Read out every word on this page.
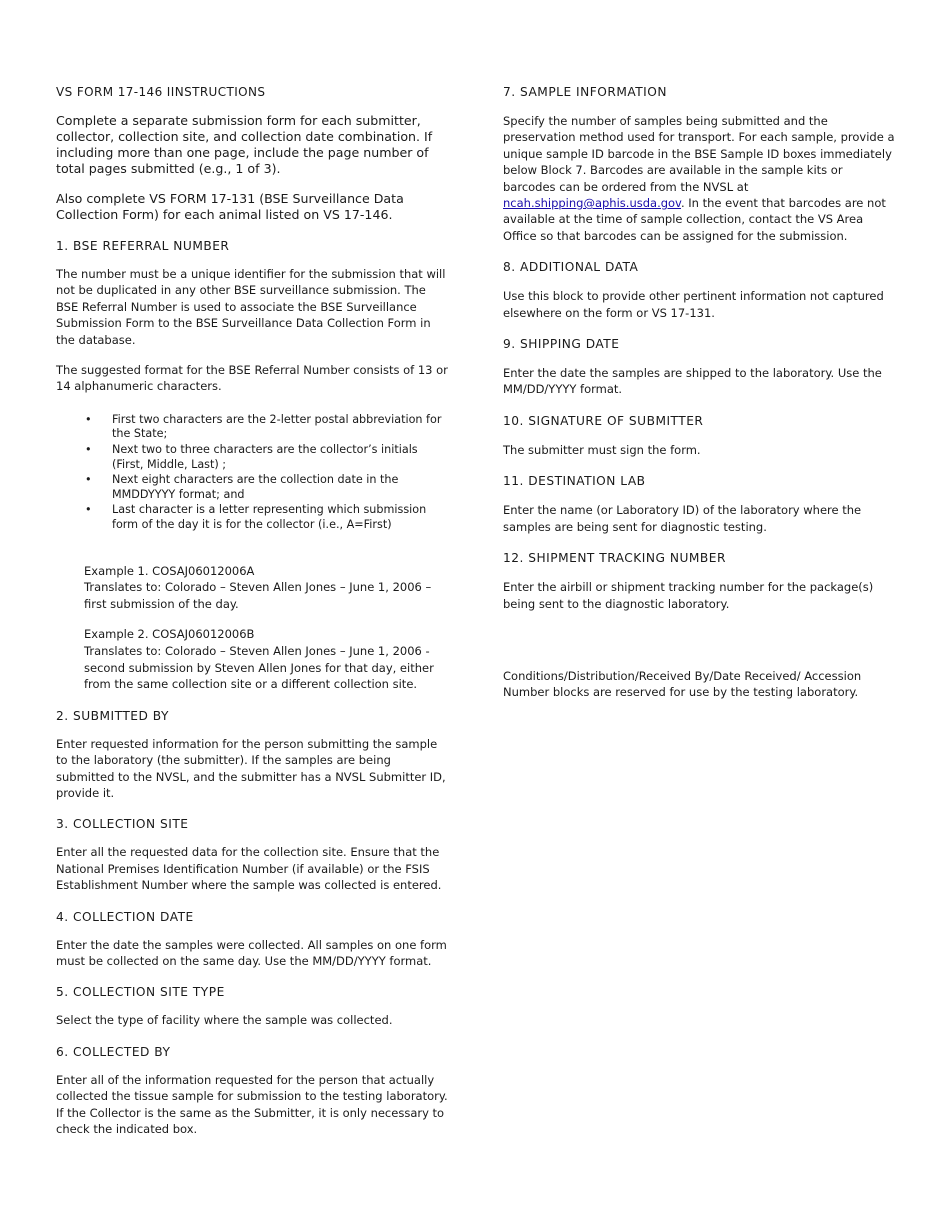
VS FORM 17-146 IINSTRUCTIONS

Complete a separate submission form for each submitter, collector, collection site, and collection date combination. If including more than one page, include the page number of total pages submitted (e.g., 1 of 3).

Also complete VS FORM 17-131 (BSE Surveillance Data Collection Form) for each animal listed on VS 17-146.

1. BSE REFERRAL NUMBER

The number must be a unique identifier for the submission that will not be duplicated in any other BSE surveillance submission. The BSE Referral Number is used to associate the BSE Surveillance Submission Form to the BSE Surveillance Data Collection Form in the database.

The suggested format for the BSE Referral Number consists of 13 or 14 alphanumeric characters.

• First two characters are the 2-letter postal abbreviation for the State;
• Next two to three characters are the collector’s initials (First, Middle, Last) ;
• Next eight characters are the collection date in the MMDDYYYY format; and
• Last character is a letter representing which submission form of the day it is for the collector (i.e., A=First)
Example 1. COSAJ06012006A
Translates to: Colorado – Steven Allen Jones – June 1, 2006 – first submission of the day.
Example 2. COSAJ06012006B
Translates to: Colorado – Steven Allen Jones – June 1, 2006 - second submission by Steven Allen Jones for that day, either from the same collection site or a different collection site.
2. SUBMITTED BY

Enter requested information for the person submitting the sample to the laboratory (the submitter). If the samples are being submitted to the NVSL, and the submitter has a NVSL Submitter ID, provide it.

3. COLLECTION SITE

Enter all the requested data for the collection site. Ensure that the National Premises Identification Number (if available) or the FSIS Establishment Number where the sample was collected is entered.

4. COLLECTION DATE

Enter the date the samples were collected. All samples on one form must be collected on the same day. Use the MM/DD/YYYY format.

5. COLLECTION SITE TYPE

Select the type of facility where the sample was collected.

6. COLLECTED BY

Enter all of the information requested for the person that actually collected the tissue sample for submission to the testing laboratory. If the Collector is the same as the Submitter, it is only necessary to check the indicated box.

7. SAMPLE INFORMATION

Specify the number of samples being submitted and the preservation method used for transport. For each sample, provide a unique sample ID barcode in the BSE Sample ID boxes immediately below Block 7. Barcodes are available in the sample kits or barcodes can be ordered from the NVSL at ncah.shipping@aphis.usda.gov. In the event that barcodes are not available at the time of sample collection, contact the VS Area Office so that barcodes can be assigned for the submission.

8. ADDITIONAL DATA

Use this block to provide other pertinent information not captured elsewhere on the form or VS 17-131.

9. SHIPPING DATE

Enter the date the samples are shipped to the laboratory. Use the MM/DD/YYYY format.

10. SIGNATURE OF SUBMITTER

The submitter must sign the form.

11. DESTINATION LAB

Enter the name (or Laboratory ID) of the laboratory where the samples are being sent for diagnostic testing.

12. SHIPMENT TRACKING NUMBER

Enter the airbill or shipment tracking number for the package(s) being sent to the diagnostic laboratory.

Conditions/Distribution/Received By/Date Received/ Accession Number blocks are reserved for use by the testing laboratory.
